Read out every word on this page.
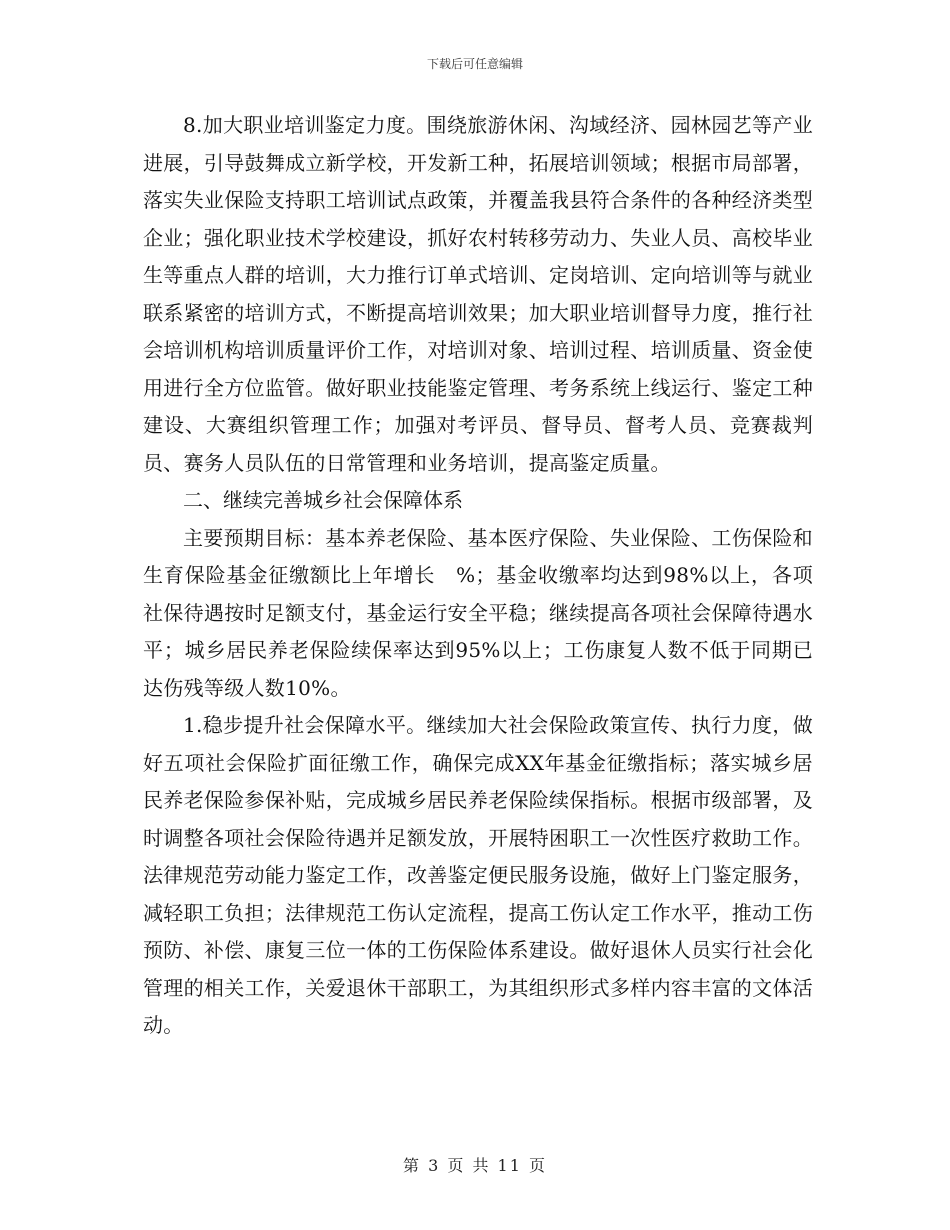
下载后可任意编辑

8.加大职业培训鉴定力度。围绕旅游休闲、沟域经济、园林园艺等产业进展，引导鼓舞成立新学校，开发新工种，拓展培训领域；根据市局部署，落实失业保险支持职工培训试点政策，并覆盖我县符合条件的各种经济类型企业；强化职业技术学校建设，抓好农村转移劳动力、失业人员、高校毕业生等重点人群的培训，大力推行订单式培训、定岗培训、定向培训等与就业联系紧密的培训方式，不断提高培训效果；加大职业培训督导力度，推行社会培训机构培训质量评价工作，对培训对象、培训过程、培训质量、资金使用进行全方位监管。做好职业技能鉴定管理、考务系统上线运行、鉴定工种建设、大赛组织管理工作；加强对考评员、督导员、督考人员、竞赛裁判员、赛务人员队伍的日常管理和业务培训，提高鉴定质量。

二、继续完善城乡社会保障体系

主要预期目标：基本养老保险、基本医疗保险、失业保险、工伤保险和生育保险基金征缴额比上年增长　%；基金收缴率均达到98%以上，各项社保待遇按时足额支付，基金运行安全平稳；继续提高各项社会保障待遇水平；城乡居民养老保险续保率达到95%以上；工伤康复人数不低于同期已达伤残等级人数10%。

1.稳步提升社会保障水平。继续加大社会保险政策宣传、执行力度，做好五项社会保险扩面征缴工作，确保完成XX年基金征缴指标；落实城乡居民养老保险参保补贴，完成城乡居民养老保险续保指标。根据市级部署，及时调整各项社会保险待遇并足额发放，开展特困职工一次性医疗救助工作。法律规范劳动能力鉴定工作，改善鉴定便民服务设施，做好上门鉴定服务，减轻职工负担；法律规范工伤认定流程，提高工伤认定工作水平，推动工伤预防、补偿、康复三位一体的工伤保险体系建设。做好退休人员实行社会化管理的相关工作，关爱退休干部职工，为其组织形式多样内容丰富的文体活动。

第 3 页 共 11 页
